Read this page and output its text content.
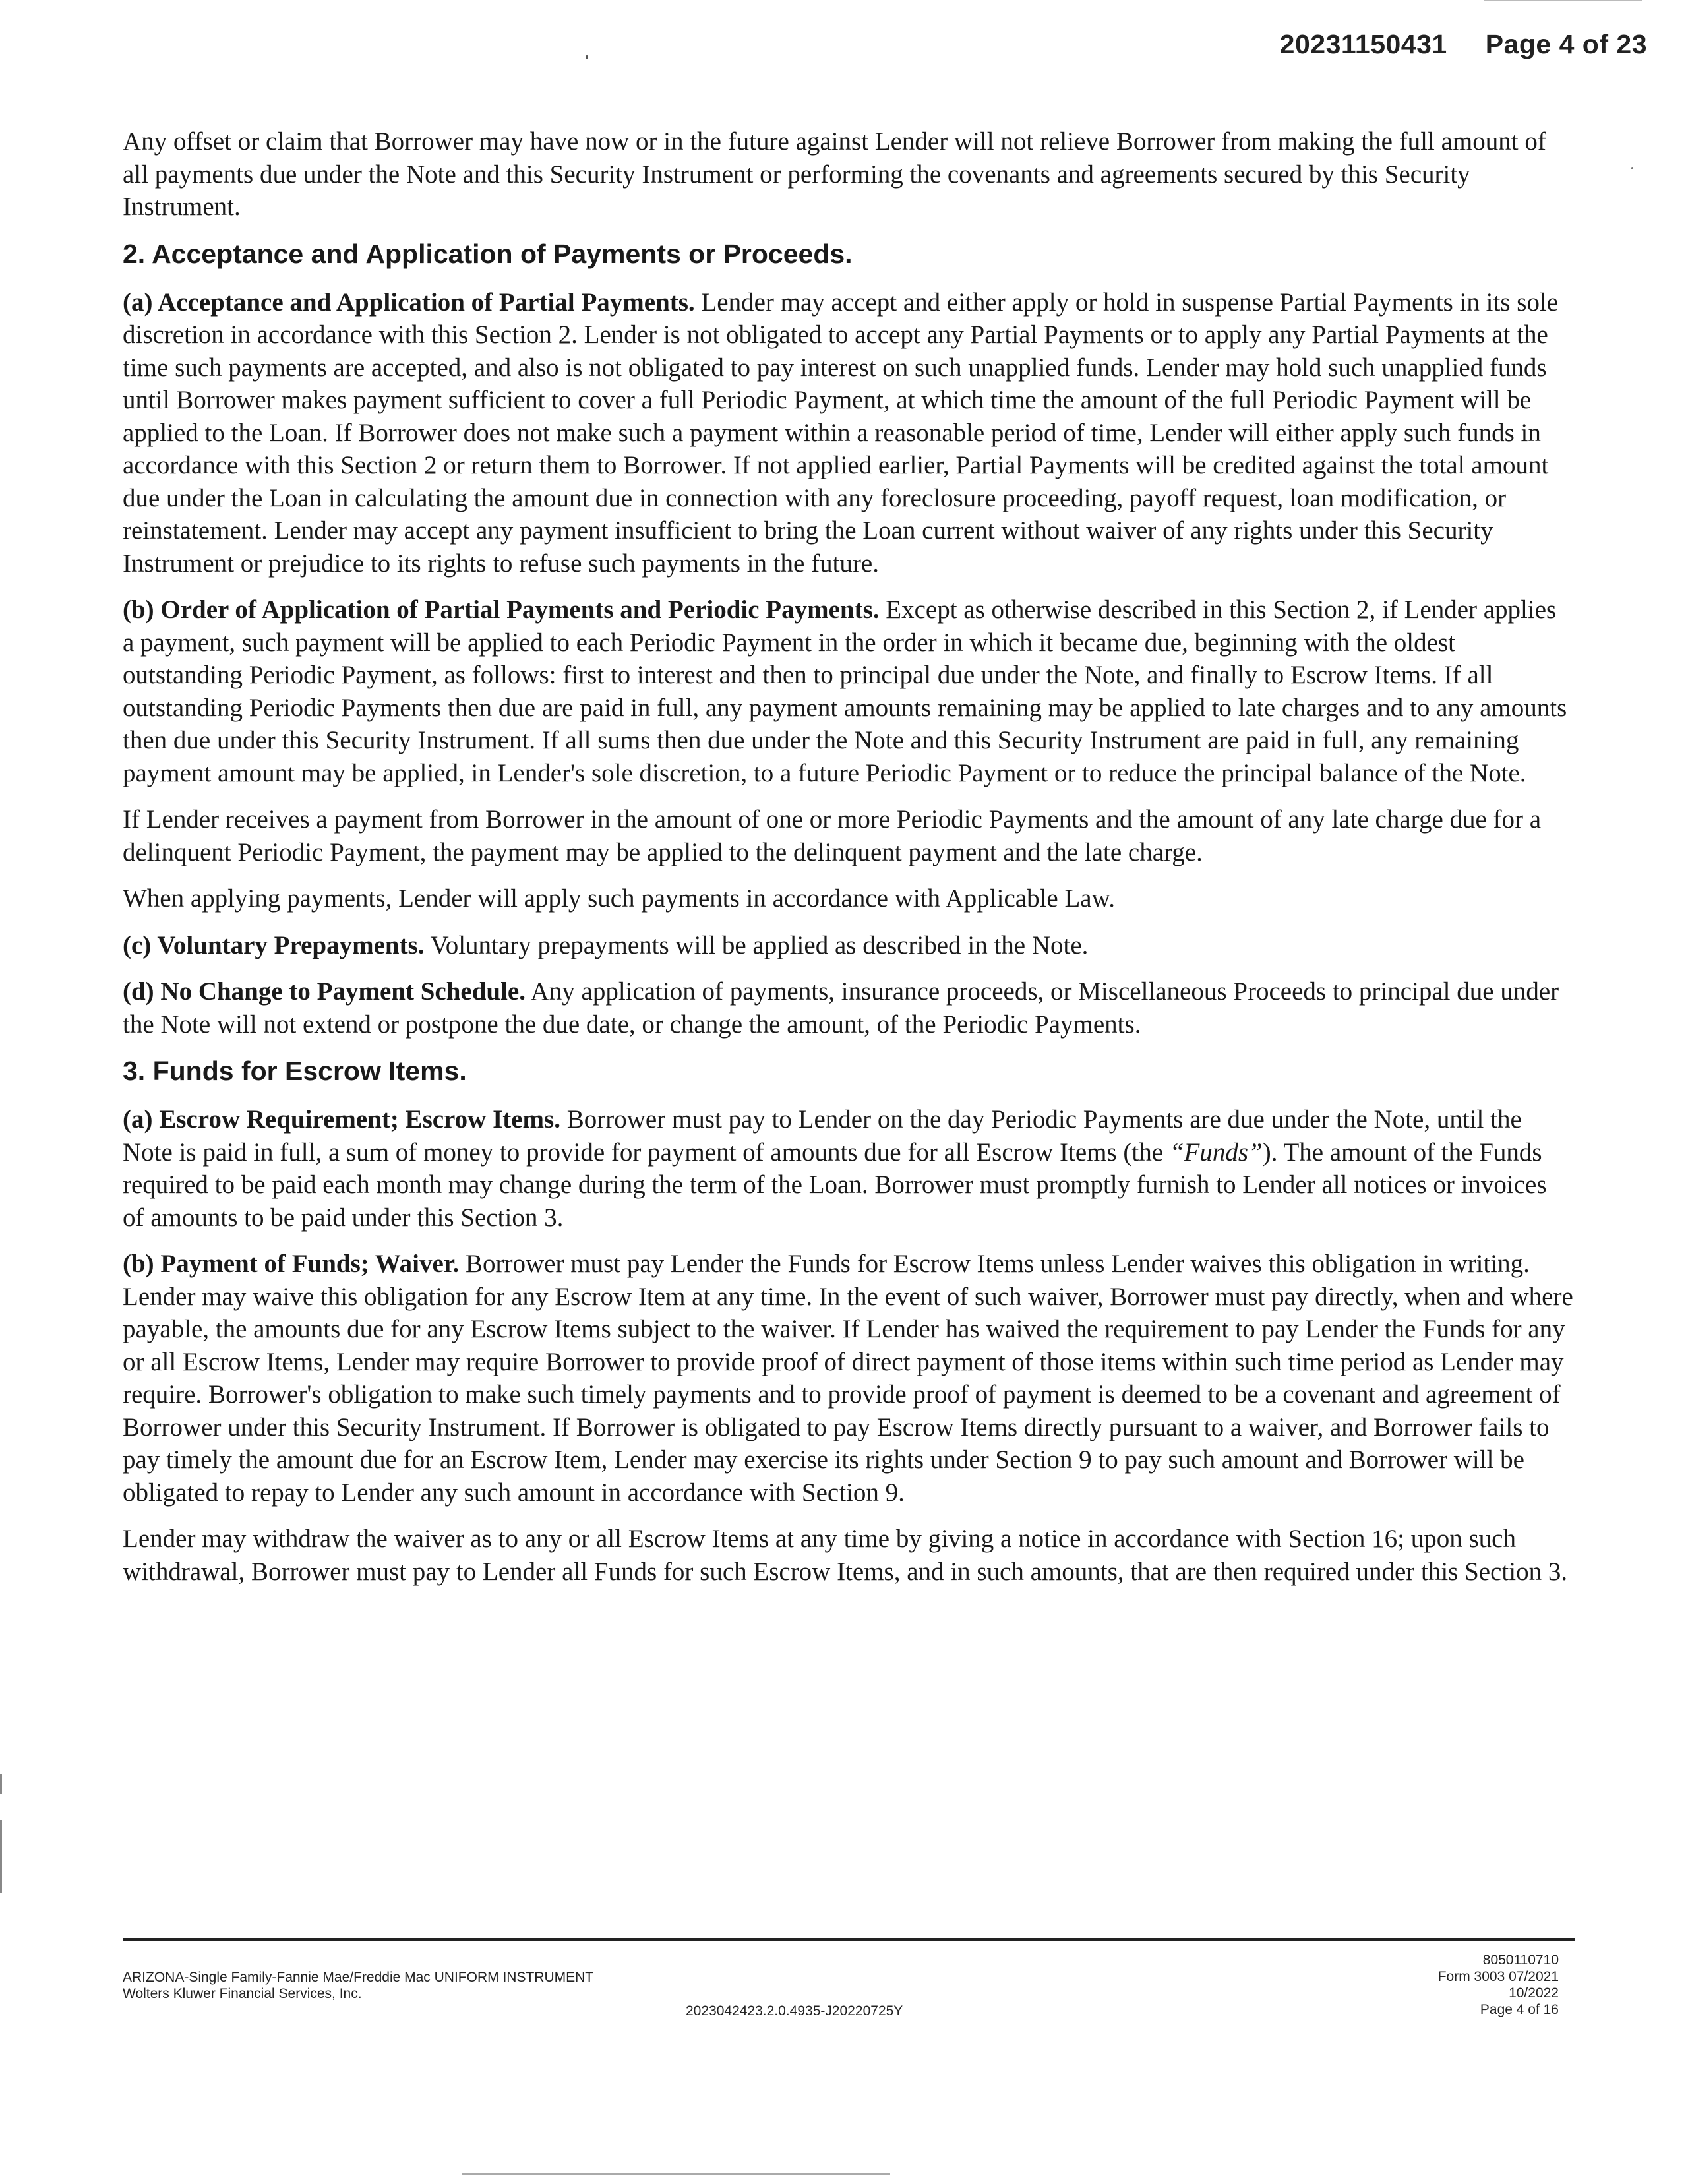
20231150431 Page 4 of 23

Any offset or claim that Borrower may have now or in the future against Lender will not relieve Borrower from making the full amount of all payments due under the Note and this Security Instrument or performing the covenants and agreements secured by this Security Instrument.

2. Acceptance and Application of Payments or Proceeds.

(a) Acceptance and Application of Partial Payments. Lender may accept and either apply or hold in suspense Partial Payments in its sole discretion in accordance with this Section 2. Lender is not obligated to accept any Partial Payments or to apply any Partial Payments at the time such payments are accepted, and also is not obligated to pay interest on such unapplied funds. Lender may hold such unapplied funds until Borrower makes payment sufficient to cover a full Periodic Payment, at which time the amount of the full Periodic Payment will be applied to the Loan. If Borrower does not make such a payment within a reasonable period of time, Lender will either apply such funds in accordance with this Section 2 or return them to Borrower. If not applied earlier, Partial Payments will be credited against the total amount due under the Loan in calculating the amount due in connection with any foreclosure proceeding, payoff request, loan modification, or reinstatement. Lender may accept any payment insufficient to bring the Loan current without waiver of any rights under this Security Instrument or prejudice to its rights to refuse such payments in the future.

(b) Order of Application of Partial Payments and Periodic Payments. Except as otherwise described in this Section 2, if Lender applies a payment, such payment will be applied to each Periodic Payment in the order in which it became due, beginning with the oldest outstanding Periodic Payment, as follows: first to interest and then to principal due under the Note, and finally to Escrow Items. If all outstanding Periodic Payments then due are paid in full, any payment amounts remaining may be applied to late charges and to any amounts then due under this Security Instrument. If all sums then due under the Note and this Security Instrument are paid in full, any remaining payment amount may be applied, in Lender's sole discretion, to a future Periodic Payment or to reduce the principal balance of the Note.

If Lender receives a payment from Borrower in the amount of one or more Periodic Payments and the amount of any late charge due for a delinquent Periodic Payment, the payment may be applied to the delinquent payment and the late charge.

When applying payments, Lender will apply such payments in accordance with Applicable Law.

(c) Voluntary Prepayments. Voluntary prepayments will be applied as described in the Note.

(d) No Change to Payment Schedule. Any application of payments, insurance proceeds, or Miscellaneous Proceeds to principal due under the Note will not extend or postpone the due date, or change the amount, of the Periodic Payments.

3. Funds for Escrow Items.

(a) Escrow Requirement; Escrow Items. Borrower must pay to Lender on the day Periodic Payments are due under the Note, until the Note is paid in full, a sum of money to provide for payment of amounts due for all Escrow Items (the “Funds”). The amount of the Funds required to be paid each month may change during the term of the Loan. Borrower must promptly furnish to Lender all notices or invoices of amounts to be paid under this Section 3.

(b) Payment of Funds; Waiver. Borrower must pay Lender the Funds for Escrow Items unless Lender waives this obligation in writing. Lender may waive this obligation for any Escrow Item at any time. In the event of such waiver, Borrower must pay directly, when and where payable, the amounts due for any Escrow Items subject to the waiver. If Lender has waived the requirement to pay Lender the Funds for any or all Escrow Items, Lender may require Borrower to provide proof of direct payment of those items within such time period as Lender may require. Borrower's obligation to make such timely payments and to provide proof of payment is deemed to be a covenant and agreement of Borrower under this Security Instrument. If Borrower is obligated to pay Escrow Items directly pursuant to a waiver, and Borrower fails to pay timely the amount due for an Escrow Item, Lender may exercise its rights under Section 9 to pay such amount and Borrower will be obligated to repay to Lender any such amount in accordance with Section 9.

Lender may withdraw the waiver as to any or all Escrow Items at any time by giving a notice in accordance with Section 16; upon such withdrawal, Borrower must pay to Lender all Funds for such Escrow Items, and in such amounts, that are then required under this Section 3.

ARIZONA-Single Family-Fannie Mae/Freddie Mac UNIFORM INSTRUMENT
Wolters Kluwer Financial Services, Inc.
2023042423.2.0.4935-J20220725Y
8050110710
Form 3003 07/2021
10/2022
Page 4 of 16
